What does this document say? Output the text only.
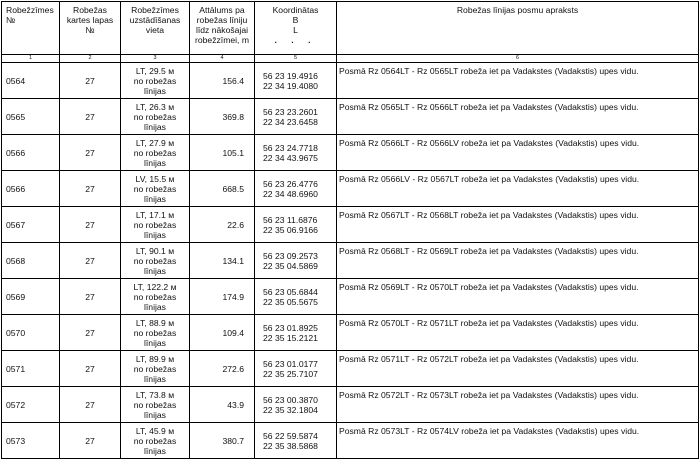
Robežzīmes №	Robežas kartes lapas №	Robežzīmes uzstādīšanas vieta	Attālums pa robežas līniju līdz nākošajai robežzīmei, m	Koordinātas
B
L
. . .	Robežas līnijas posmu apraksts
1	2	3	4	5	6
0564	27	LT, 29.5 м
no robežas
līnijas	156.4	56 23 19.4916
22 34 19.4080	Posmā Rz 0564LT - Rz 0565LT robeža iet pa Vadakstes (Vadakstis) upes vidu.
0565	27	LT, 26.3 м
no robežas
līnijas	369.8	56 23 23.2601
22 34 23.6458	Posmā Rz 0565LT - Rz 0566LT robeža iet pa Vadakstes (Vadakstis) upes vidu.
0566	27	LT, 27.9 м
no robežas
līnijas	105.1	56 23 24.7718
22 34 43.9675	Posmā Rz 0566LT - Rz 0566LV robeža iet pa Vadakstes (Vadakstis) upes vidu.
0566	27	LV, 15.5 м
no robežas
līnijas	668.5	56 23 26.4776
22 34 48.6960	Posmā Rz 0566LV - Rz 0567LT robeža iet pa Vadakstes (Vadakstis) upes vidu.
0567	27	LT, 17.1 м
no robežas
līnijas	22.6	56 23 11.6876
22 35 06.9166	Posmā Rz 0567LT - Rz 0568LT robeža iet pa Vadakstes (Vadakstis) upes vidu.
0568	27	LT, 90.1 м
no robežas
līnijas	134.1	56 23 09.2573
22 35 04.5869	Posmā Rz 0568LT - Rz 0569LT robeža iet pa Vadakstes (Vadakstis) upes vidu.
0569	27	LT, 122.2 м
no robežas
līnijas	174.9	56 23 05.6844
22 35 05.5675	Posmā Rz 0569LT - Rz 0570LT robeža iet pa Vadakstes (Vadakstis) upes vidu.
0570	27	LT, 88.9 м
no robežas
līnijas	109.4	56 23 01.8925
22 35 15.2121	Posmā Rz 0570LT - Rz 0571LT robeža iet pa Vadakstes (Vadakstis) upes vidu.
0571	27	LT, 89.9 м
no robežas
līnijas	272.6	56 23 01.0177
22 35 25.7107	Posmā Rz 0571LT - Rz 0572LT robeža iet pa Vadakstes (Vadakstis) upes vidu.
0572	27	LT, 73.8 м
no robežas
līnijas	43.9	56 23 00.3870
22 35 32.1804	Posmā Rz 0572LT - Rz 0573LT robeža iet pa Vadakstes (Vadakstis) upes vidu.
0573	27	LT, 45.9 м
no robežas
līnijas	380.7	56 22 59.5874
22 35 38.5868	Posmā Rz 0573LT - Rz 0574LV robeža iet pa Vadakstes (Vadakstis) upes vidu.
